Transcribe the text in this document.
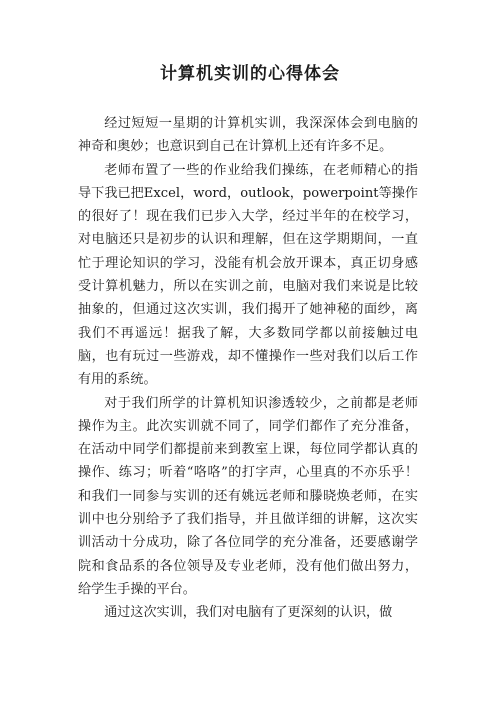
计算机实训的心得体会

经过短短一星期的计算机实训，我深深体会到电脑的神奇和奥妙；也意识到自己在计算机上还有许多不足。

老师布置了一些的作业给我们操练，在老师精心的指导下我已把Excel，word，outlook，powerpoint等操作的很好了！现在我们已步入大学，经过半年的在校学习，对电脑还只是初步的认识和理解，但在这学期期间，一直忙于理论知识的学习，没能有机会放开课本，真正切身感受计算机魅力，所以在实训之前，电脑对我们来说是比较抽象的，但通过这次实训，我们揭开了她神秘的面纱，离我们不再遥远！据我了解，大多数同学都以前接触过电脑，也有玩过一些游戏，却不懂操作一些对我们以后工作有用的系统。

对于我们所学的计算机知识渗透较少，之前都是老师操作为主。此次实训就不同了，同学们都作了充分准备，在活动中同学们都提前来到教室上课，每位同学都认真的操作、练习；听着“咯咯”的打字声，心里真的不亦乐乎！和我们一同参与实训的还有姚远老师和滕晓焕老师，在实训中也分别给予了我们指导，并且做详细的讲解，这次实训活动十分成功，除了各位同学的充分准备，还要感谢学院和食品系的各位领导及专业老师，没有他们做出努力，给学生手操的平台。

通过这次实训，我们对电脑有了更深刻的认识，做
